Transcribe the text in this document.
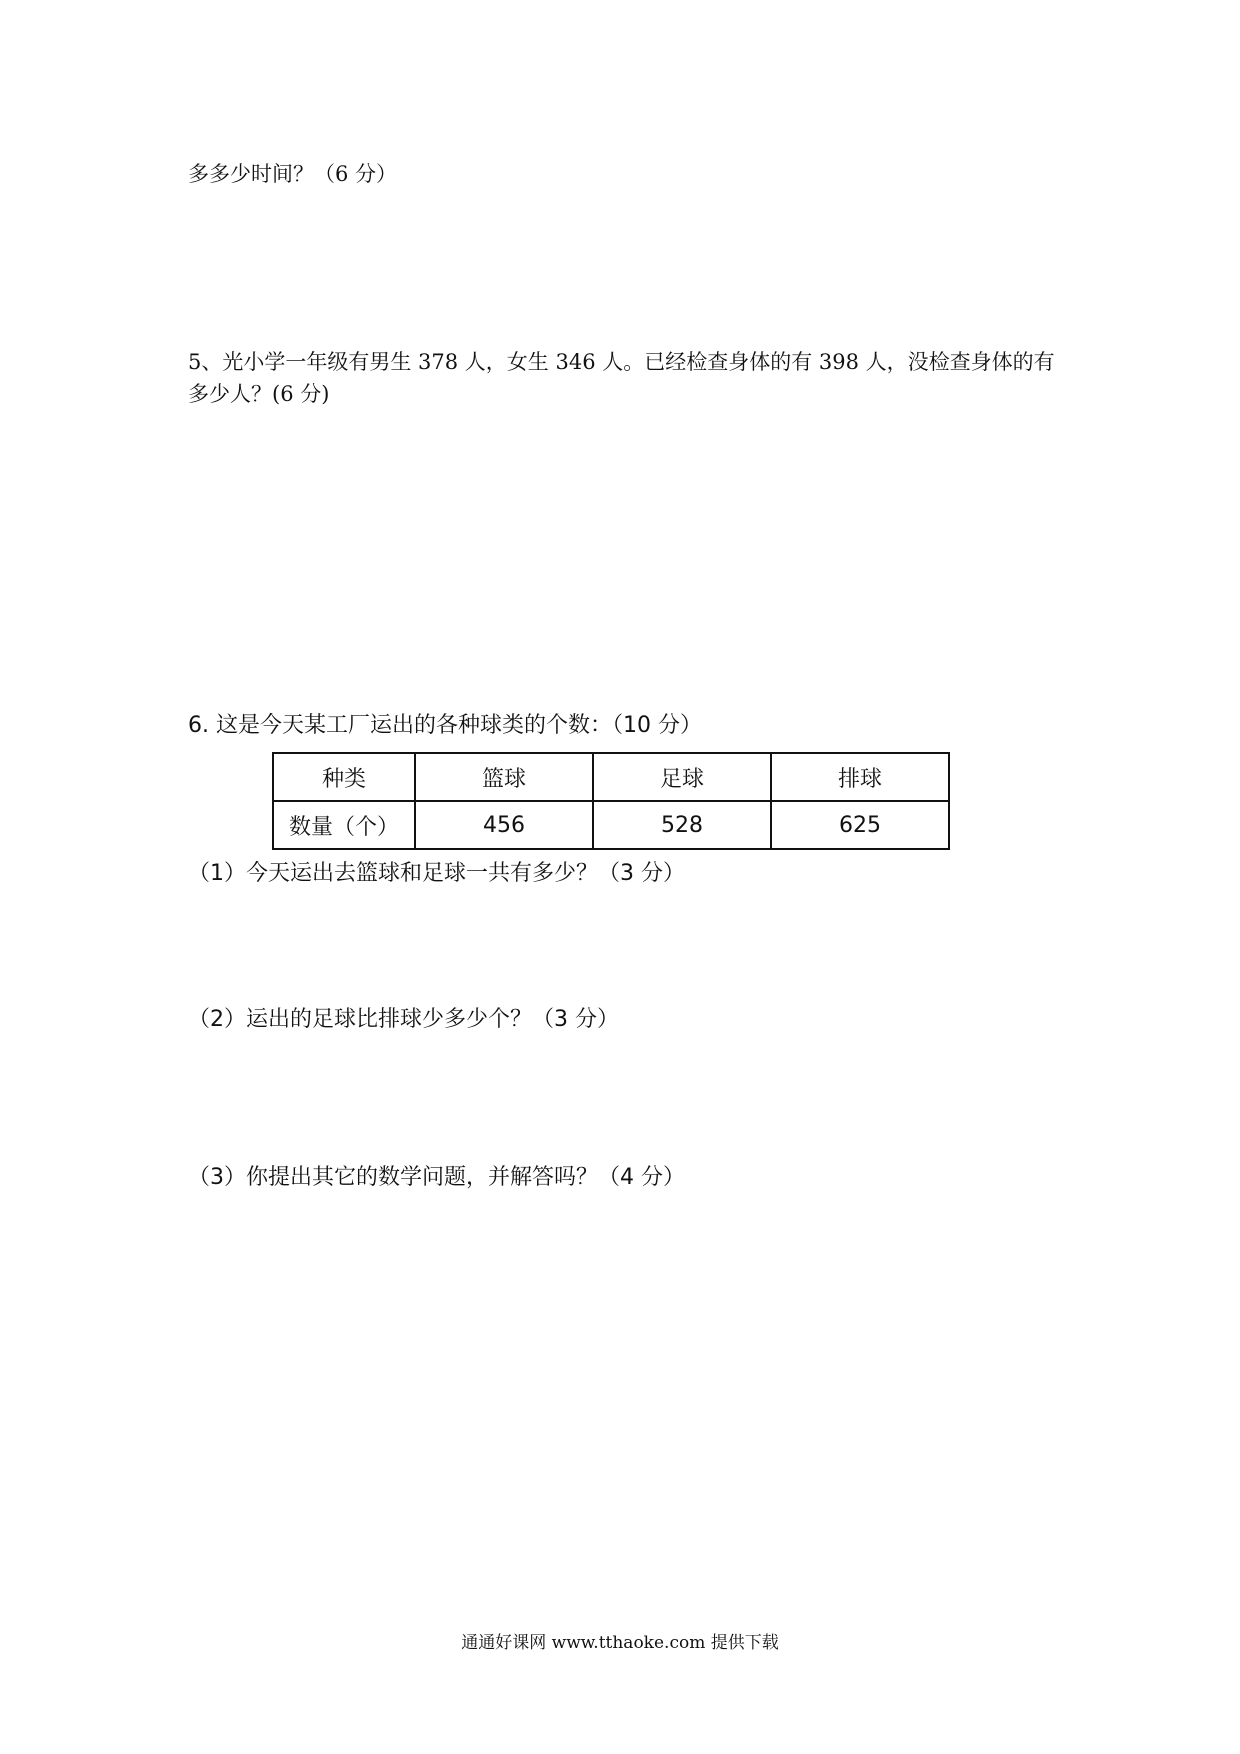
多多少时间？（6 分）

5、光小学一年级有男生 378 人，女生 346 人。已经检查身体的有 398 人，没检查身体的有

多少人？(6 分)

6. 这是今天某工厂运出的各种球类的个数：（10 分）

种类	篮球	足球	排球
数量（个）	456	528	625

（1）今天运出去篮球和足球一共有多少？（3 分）

（2）运出的足球比排球少多少个？（3 分）

（3）你提出其它的数学问题，并解答吗？（4 分）

通通好课网 www.tthaoke.com 提供下载
